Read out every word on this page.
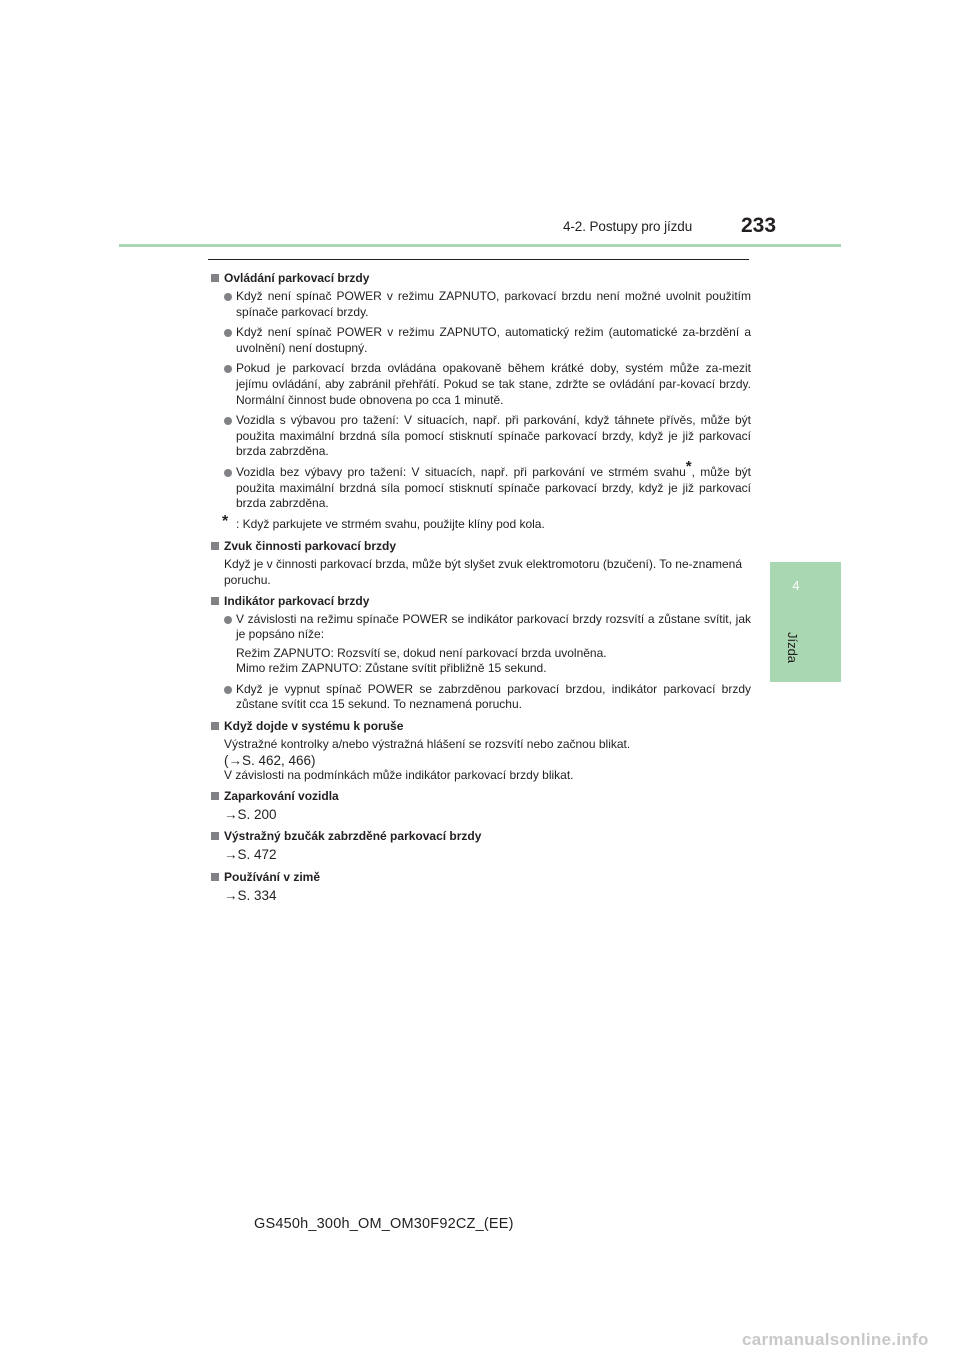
4-2. Postupy pro jízdu 233
4
Jízda
Ovládání parkovací brzdy
Když není spínač POWER v režimu ZAPNUTO, parkovací brzdu není možné uvolnit použitím spínače parkovací brzdy.
Když není spínač POWER v režimu ZAPNUTO, automatický režim (automatické za-brzdění a uvolnění) není dostupný.
Pokud je parkovací brzda ovládána opakovaně během krátké doby, systém může za-mezit jejímu ovládání, aby zabránil přehřátí. Pokud se tak stane, zdržte se ovládání par-kovací brzdy. Normální činnost bude obnovena po cca 1 minutě.
Vozidla s výbavou pro tažení: V situacích, např. při parkování, když táhnete přívěs, může být použita maximální brzdná síla pomocí stisknutí spínače parkovací brzdy, když je již parkovací brzda zabrzděna.
Vozidla bez výbavy pro tažení: V situacích, např. při parkování ve strmém svahu*, může být použita maximální brzdná síla pomocí stisknutí spínače parkovací brzdy, když je již parkovací brzda zabrzděna.
* : Když parkujete ve strmém svahu, použijte klíny pod kola.
Zvuk činnosti parkovací brzdy
Když je v činnosti parkovací brzda, může být slyšet zvuk elektromotoru (bzučení). To ne-znamená poruchu.
Indikátor parkovací brzdy
V závislosti na režimu spínače POWER se indikátor parkovací brzdy rozsvítí a zůstane svítit, jak je popsáno níže:
Režim ZAPNUTO: Rozsvítí se, dokud není parkovací brzda uvolněna.
Mimo režim ZAPNUTO: Zůstane svítit přibližně 15 sekund.
Když je vypnut spínač POWER se zabrzděnou parkovací brzdou, indikátor parkovací brzdy zůstane svítit cca 15 sekund. To neznamená poruchu.
Když dojde v systému k poruše
Výstražné kontrolky a/nebo výstražná hlášení se rozsvítí nebo začnou blikat.
(→S. 462, 466)
V závislosti na podmínkách může indikátor parkovací brzdy blikat.
Zaparkování vozidla
→S. 200
Výstražný bzučák zabrzděné parkovací brzdy
→S. 472
Používání v zimě
→S. 334
GS450h_300h_OM_OM30F92CZ_(EE)
carmanualsonline.info
